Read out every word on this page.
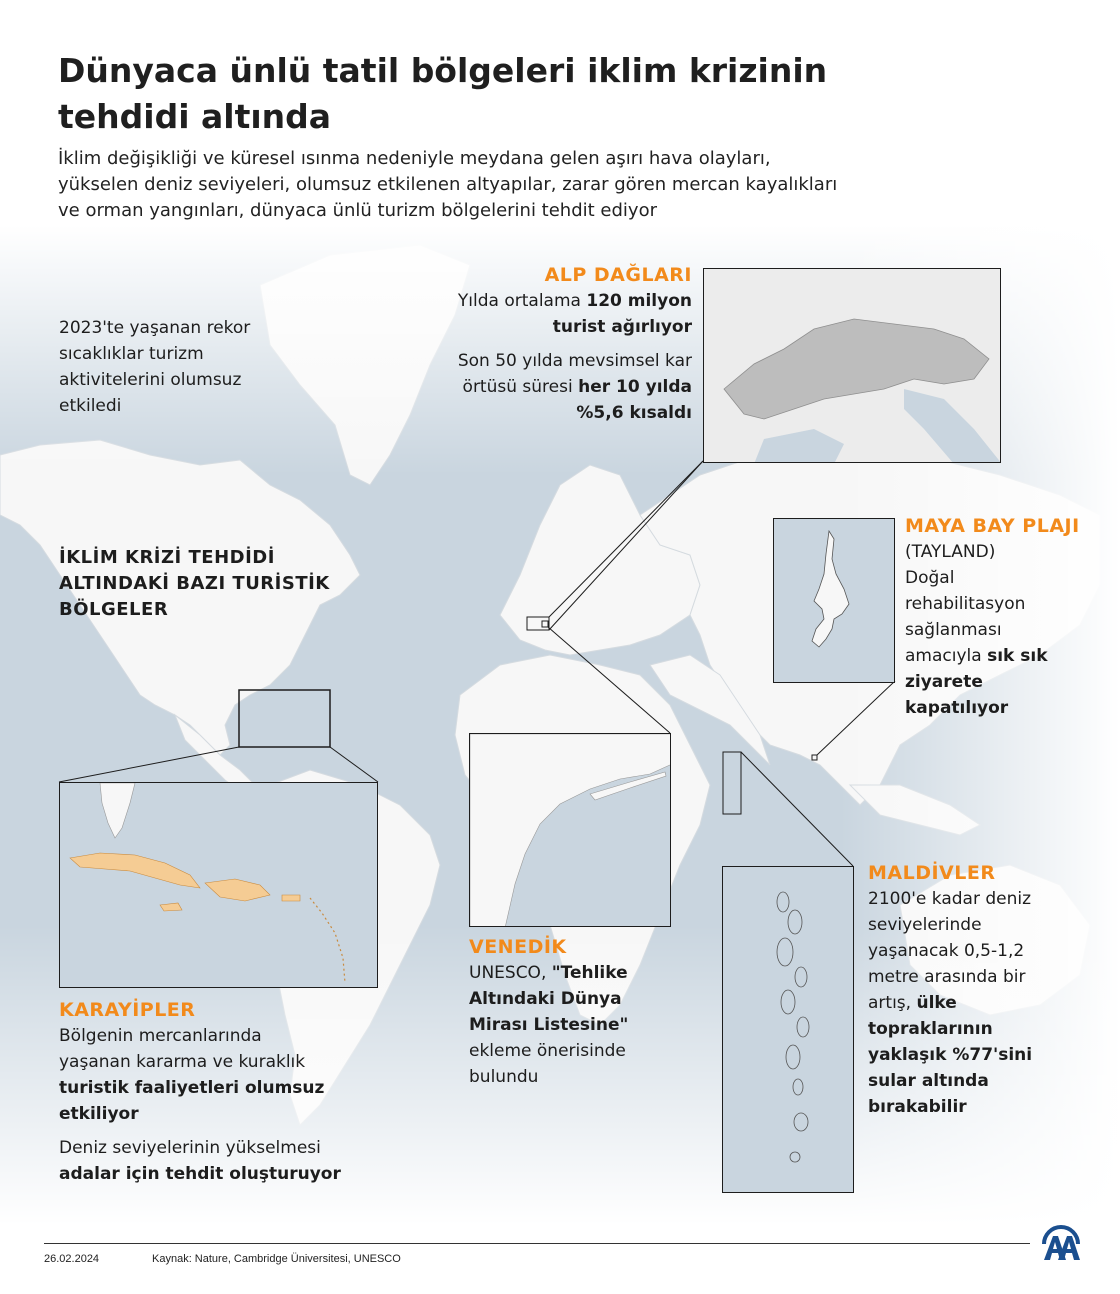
Dünyaca ünlü tatil bölgeleri iklim krizinin
tehdidi altında

İklim değişikliği ve küresel ısınma nedeniyle meydana gelen aşırı hava olayları,
yükselen deniz seviyeleri, olumsuz etkilenen altyapılar, zarar gören mercan kayalıkları
ve orman yangınları, dünyaca ünlü turizm bölgelerini tehdit ediyor

2023'te yaşanan rekor
sıcaklıklar turizm
aktivitelerini olumsuz
etkiledi
İKLİM KRİZİ TEHDİDİ
ALTINDAKİ BAZI TURİSTİK
BÖLGELER
ALP DAĞLARI
Yılda ortalama 120 milyon
turist ağırlıyor
Son 50 yılda mevsimsel kar
örtüsü süresi her 10 yılda
%5,6 kısaldı
MAYA BAY PLAJI
(TAYLAND)
Doğal
rehabilitasyon
sağlanması
amacıyla sık sık
ziyarete
kapatılıyor
KARAYİPLER
Bölgenin mercanlarında
yaşanan kararma ve kuraklık
turistik faaliyetleri olumsuz
etkiliyor
Deniz seviyelerinin yükselmesi
adalar için tehdit oluşturuyor
VENEDİK
UNESCO, "Tehlike
Altındaki Dünya
Mirası Listesine"
ekleme önerisinde
bulundu
MALDİVLER
2100'e kadar deniz
seviyelerinde
yaşanacak 0,5-1,2
metre arasında bir
artış, ülke
topraklarının
yaklaşık %77'sini
sular altında
bırakabilir
26.02.2024	Kaynak: Nature, Cambridge Üniversitesi, UNESCO
